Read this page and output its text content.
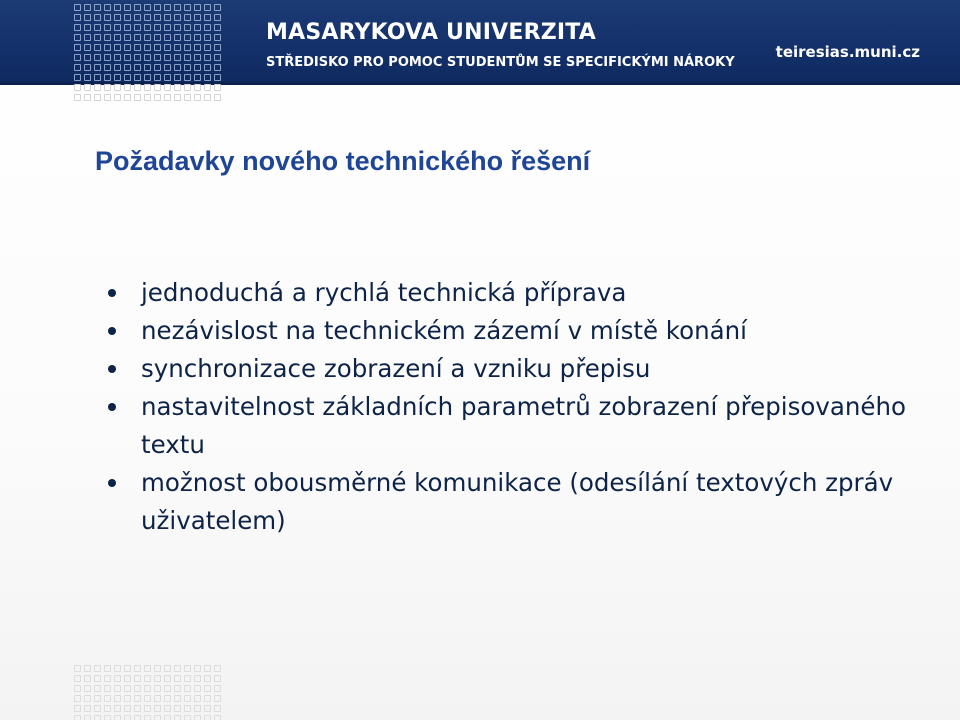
MASARYKOVA UNIVERZITA
STŘEDISKO PRO POMOC STUDENTŮM SE SPECIFICKÝMI NÁROKY
teiresias.muni.cz
Požadavky nového technického řešení
jednoduchá a rychlá technická příprava
nezávislost na technickém zázemí v místě konání
synchronizace zobrazení a vzniku přepisu
nastavitelnost základních parametrů zobrazení přepisovaného textu
možnost obousměrné komunikace (odesílání textových zpráv uživatelem)
